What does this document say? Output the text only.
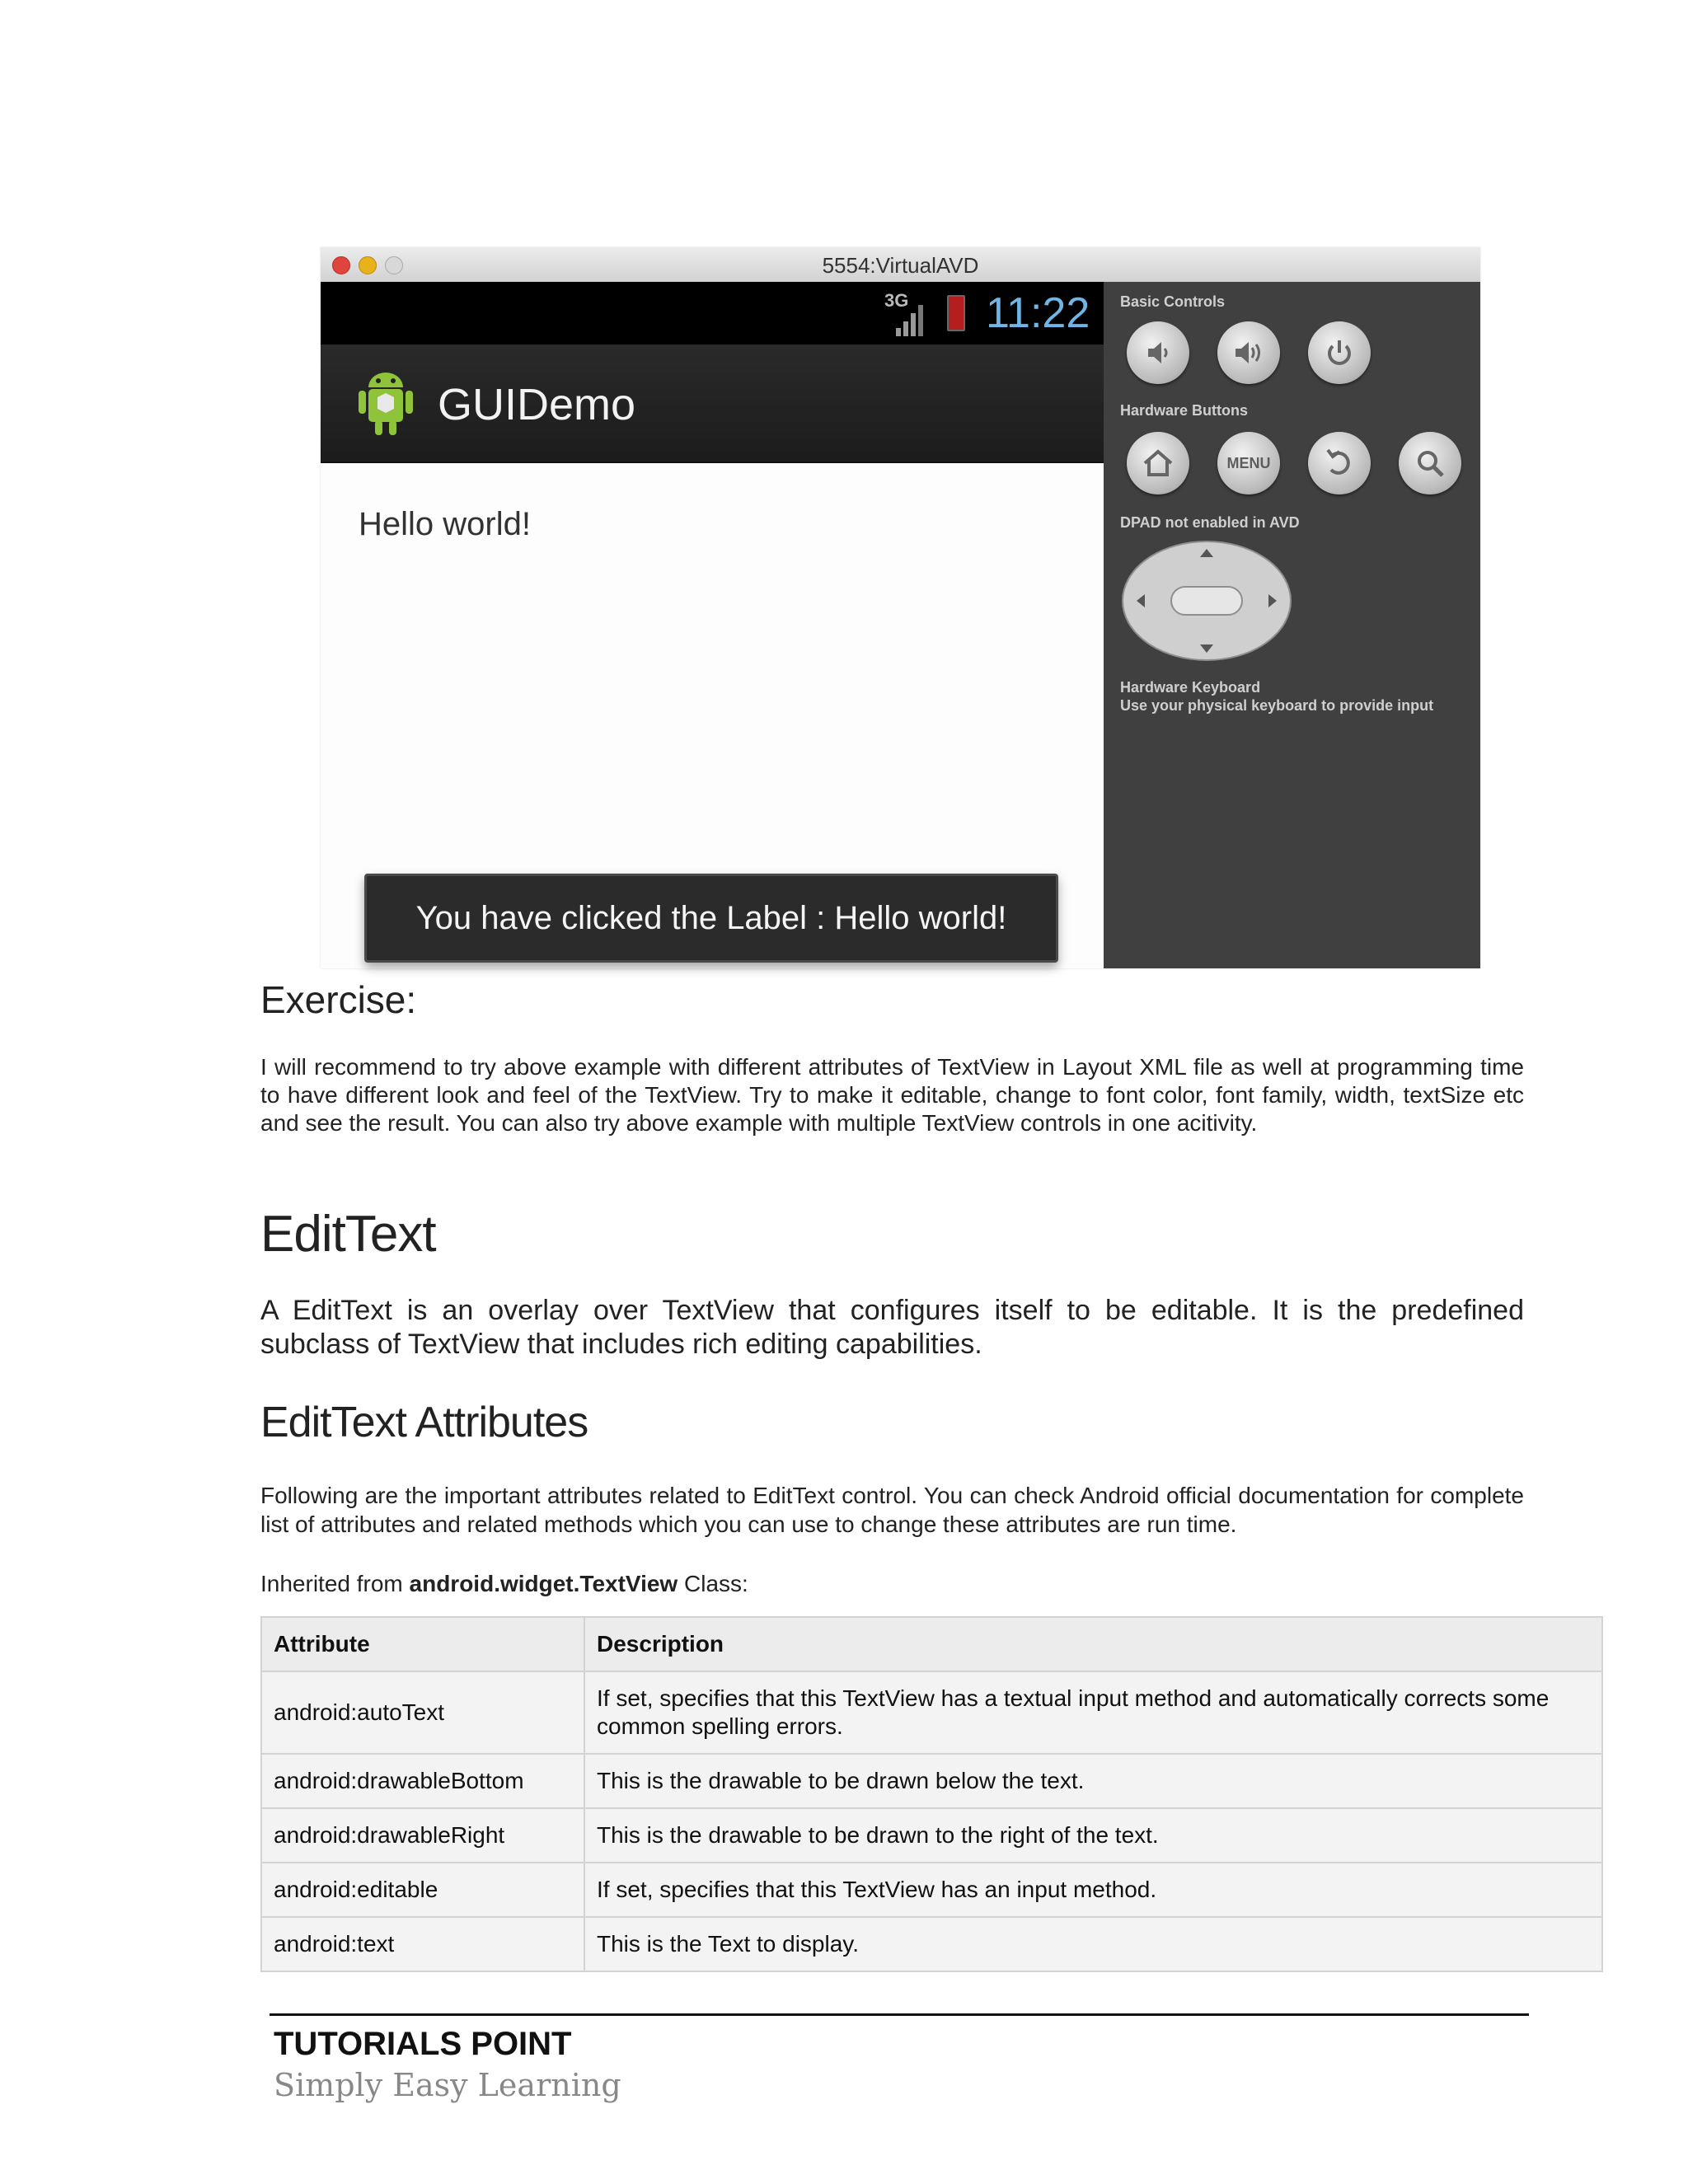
5554:VirtualAVD
3G 11:22
GUIDemo
Hello world!
You have clicked the Label : Hello world!
Basic Controls
Hardware Buttons
MENU
DPAD not enabled in AVD
Hardware Keyboard
Use your physical keyboard to provide input
Exercise:

I will recommend to try above example with different attributes of TextView in Layout XML file as well at programming time to have different look and feel of the TextView. Try to make it editable, change to font color, font family, width, textSize etc and see the result. You can also try above example with multiple TextView controls in one acitivity.

EditText

A EditText is an overlay over TextView that configures itself to be editable. It is the predefined subclass of TextView that includes rich editing capabilities.

EditText Attributes

Following are the important attributes related to EditText control. You can check Android official documentation for complete list of attributes and related methods which you can use to change these attributes are run time.

Inherited from android.widget.TextView Class:
Attribute	Description
android:autoText	If set, specifies that this TextView has a textual input method and automatically corrects some common spelling errors.
android:drawableBottom	This is the drawable to be drawn below the text.
android:drawableRight	This is the drawable to be drawn to the right of the text.
android:editable	If set, specifies that this TextView has an input method.
android:text	This is the Text to display.
TUTORIALS POINT
Simply Easy Learning
